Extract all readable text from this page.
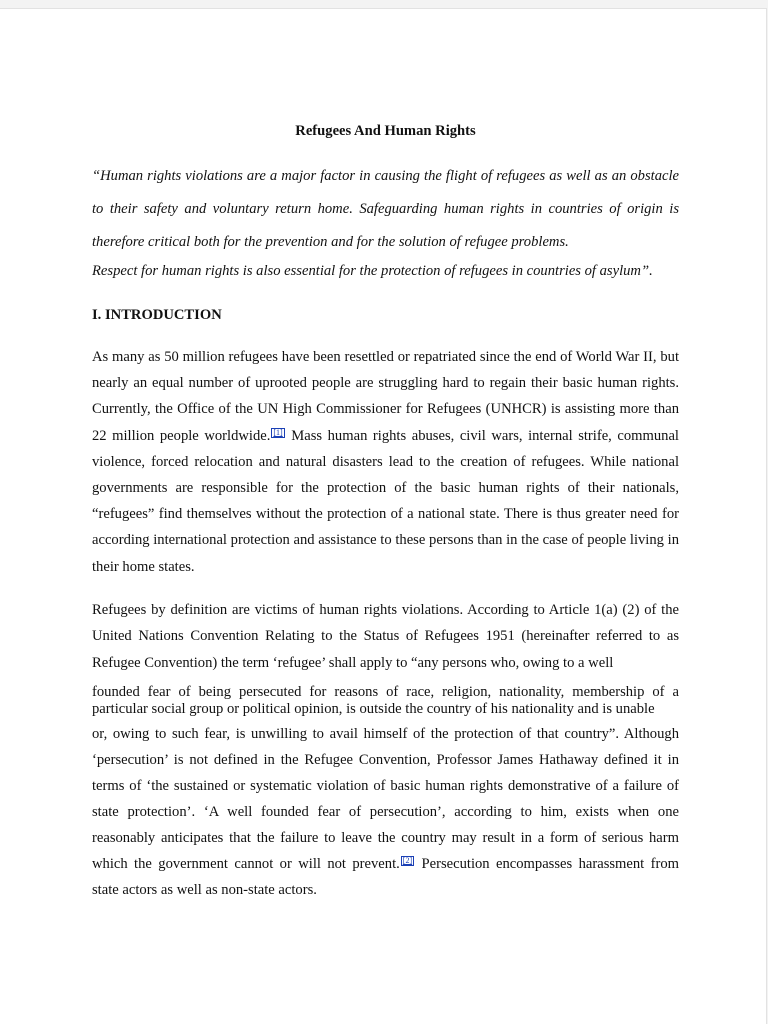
Refugees And Human Rights

“Human rights violations are a major factor in causing the flight of refugees as well as an obstacle to their safety and voluntary return home. Safeguarding human rights in countries of origin is therefore critical both for the prevention and for the solution of refugee problems.
Respect for human rights is also essential for the protection of refugees in countries of asylum”.

I. INTRODUCTION

As many as 50 million refugees have been resettled or repatriated since the end of World War II, but nearly an equal number of uprooted people are struggling hard to regain their basic human rights. Currently, the Office of the UN High Commissioner for Refugees (UNHCR) is assisting more than 22 million people worldwide. [1] Mass human rights abuses, civil wars, internal strife, communal violence, forced relocation and natural disasters lead to the creation of refugees. While national governments are responsible for the protection of the basic human rights of their nationals, “refugees” find themselves without the protection of a national state. There is thus greater need for according international protection and assistance to these persons than in the case of people living in their home states.

Refugees by definition are victims of human rights violations. According to Article 1(a) (2) of the United Nations Convention Relating to the Status of Refugees 1951 (hereinafter referred to as Refugee Convention) the term ‘refugee’ shall apply to “any persons who, owing to a well
founded fear of being persecuted for reasons of race, religion, nationality, membership of a particular social group or political opinion, is outside the country of his nationality and is unable
or, owing to such fear, is unwilling to avail himself of the protection of that country”. Although ‘persecution’ is not defined in the Refugee Convention, Professor James Hathaway defined it in terms of ‘the sustained or systematic violation of basic human rights demonstrative of a failure of state protection’. ‘A well founded fear of persecution’, according to him, exists when one reasonably anticipates that the failure to leave the country may result in a form of serious harm which the government cannot or will not prevent. [2] Persecution encompasses harassment from state actors as well as non-state actors.
